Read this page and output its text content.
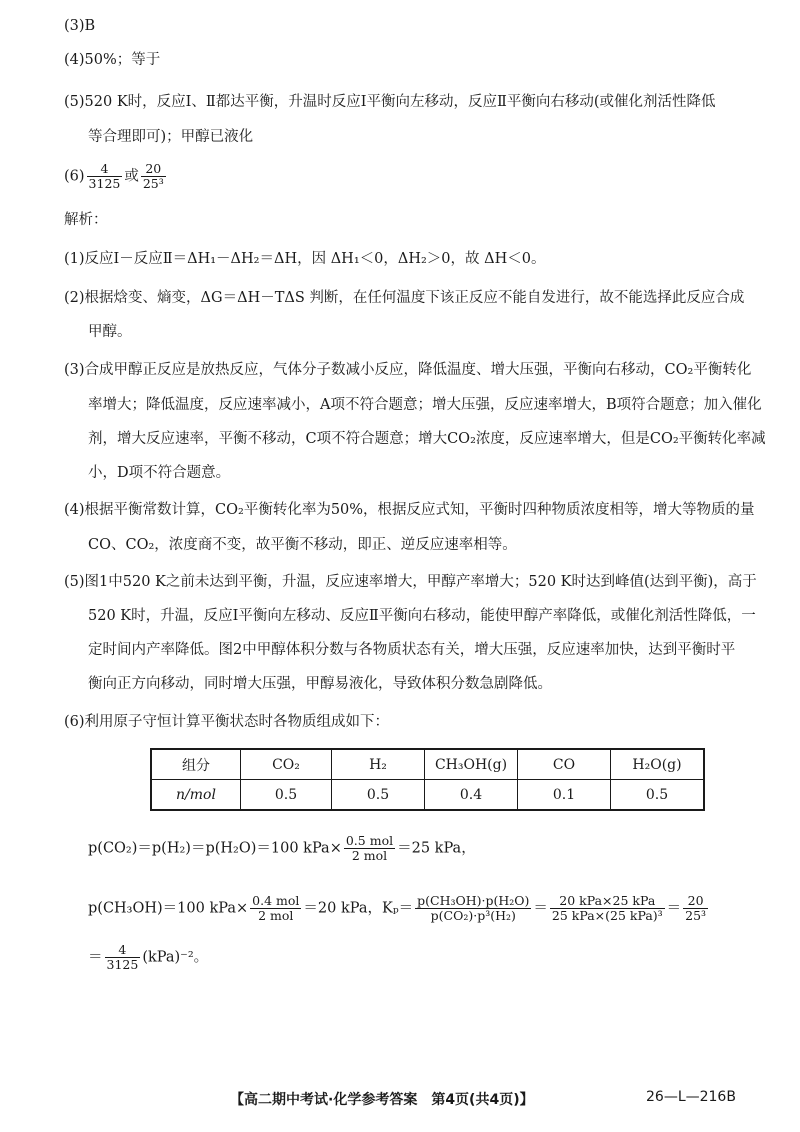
(3)B
(4)50%；等于
(5)520 K时，反应Ⅰ、Ⅱ都达平衡，升温时反应Ⅰ平衡向左移动，反应Ⅱ平衡向右移动(或催化剂活性降低
等合理即可)；甲醇已液化
$(6) \frac{4}{3125}$ 或 $\frac{20}{\text{25³}}$
解析：
(1)反应Ⅰ－反应Ⅱ＝ΔH₁－ΔH₂＝ΔH，因 ΔH₁＜0，ΔH₂＞0，故 ΔH＜0。
(2)根据焓变、熵变，ΔG＝ΔH－TΔS 判断，在任何温度下该正反应不能自发进行，故不能选择此反应合成
甲醇。
(3)合成甲醇正反应是放热反应，气体分子数减小反应，降低温度、增大压强，平衡向右移动，CO₂平衡转化
率增大；降低温度，反应速率减小，A项不符合题意；增大压强，反应速率增大，B项符合题意；加入催化
剂，增大反应速率，平衡不移动，C项不符合题意；增大CO₂浓度，反应速率增大，但是CO₂平衡转化率减
小，D项不符合题意。
(4)根据平衡常数计算，CO₂平衡转化率为50%，根据反应式知，平衡时四种物质浓度相等，增大等物质的量
CO、CO₂，浓度商不变，故平衡不移动，即正、逆反应速率相等。
(5)图1中520 K之前未达到平衡，升温，反应速率增大，甲醇产率增大；520 K时达到峰值(达到平衡)，高于
520 K时，升温，反应Ⅰ平衡向左移动、反应Ⅱ平衡向右移动，能使甲醇产率降低，或催化剂活性降低，一
定时间内产率降低。图2中甲醇体积分数与各物质状态有关，增大压强，反应速率加快，达到平衡时平
衡向正方向移动，同时增大压强，甲醇易液化，导致体积分数急剧降低。
(6)利用原子守恒计算平衡状态时各物质组成如下：
组分	CO₂	H₂	CH₃OH(g)	CO	H₂O(g)
n/mol	0.5	0.5	0.4	0.1	0.5
p(CO₂)＝p(H₂)＝p(H₂O)＝100 $kPa\times \frac{\text{0.5 mol}}{\text{2 mol}} =25$ kPa，
p(CH₃OH)＝100 $kPa\times \frac{\text{0.4 mol}}{\text{2 mol}} =20$ kPa，$K_p= \frac{\text{p(CH₃OH)·p(H₂O)}}{\text{p(CO₂)·p³(H₂)}} = \frac{\text{20 kPa×25 kPa}}{\text{25 kPa×(25 kPa)³}} = \frac{20}{\text{25³}}$
＝ $\frac{4}{3125} (kPa)^{-2}$。
【高二期中考试·化学参考答案　第4页(共4页)】	26—L—216B
